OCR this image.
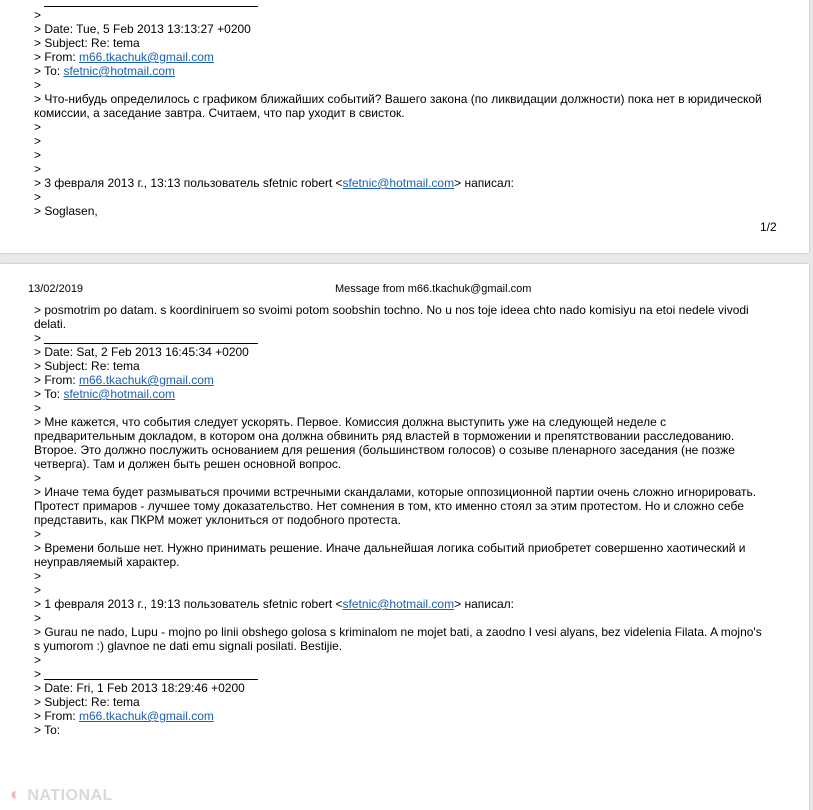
>
> Date: Tue, 5 Feb 2013 13:13:27 +0200
> Subject: Re: tema
> From: m66.tkachuk@gmail.com
> To: sfetnic@hotmail.com
>
> Что-нибудь определилось с графиком ближайших событий? Вашего закона (по ликвидации должности) пока нет в юридической
комиссии, а заседание завтра. Считаем, что пар уходит в свисток.
>
>
>
>
> 3 февраля 2013 г., 13:13 пользователь sfetnic robert <sfetnic@hotmail.com> написал:
>
> Soglasen,
1/2
13/02/2019	Message from m66.tkachuk@gmail.com
> posmotrim po datam. s koordiniruem so svoimi potom soobshin tochno. No u nos toje ideea chto nado komisiyu na etoi nedele vivodi
delati.
>
> Date: Sat, 2 Feb 2013 16:45:34 +0200
> Subject: Re: tema
> From: m66.tkachuk@gmail.com
> To: sfetnic@hotmail.com
>
> Мне кажется, что события следует ускорять. Первое. Комиссия должна выступить уже на следующей неделе с
предварительным докладом, в котором она должна обвинить ряд властей в торможении и препятствовании расследованию.
Второе. Это должно послужить основанием для решения (большинством голосов) о созыве пленарного заседания (не позже
четверга). Там и должен быть решен основной вопрос.
>
> Иначе тема будет размываться прочими встречными скандалами, которые оппозиционной партии очень сложно игнорировать.
Протест примаров - лучшее тому доказательство. Нет сомнения в том, кто именно стоял за этим протестом. Но и сложно себе
представить, как ПКРМ может уклониться от подобного протеста.
>
> Времени больше нет. Нужно принимать решение. Иначе дальнейшая логика событий приобретет совершенно хаотический и
неуправляемый характер.
>
>
> 1 февраля 2013 г., 19:13 пользователь sfetnic robert <sfetnic@hotmail.com> написал:
>
> Gurau ne nado, Lupu - mojno po linii obshego golosa s kriminalom ne mojet bati, a zaodno I vesi alyans, bez videlenia Filata. A mojno's
s yumorom :) glavnoe ne dati emu signali posilati. Bestijie.
>
>
> Date: Fri, 1 Feb 2013 18:29:46 +0200
> Subject: Re: tema
> From: m66.tkachuk@gmail.com
> To:
◐ NATIONAL
